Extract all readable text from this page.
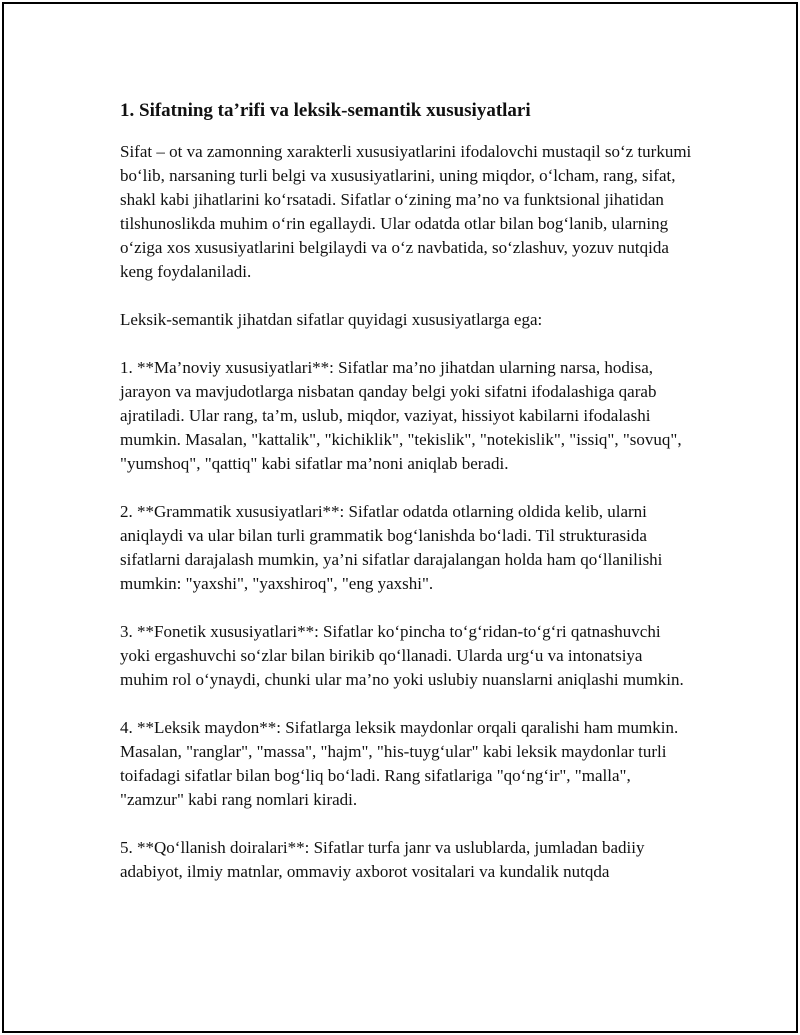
1. Sifatning ta’rifi va leksik-semantik xususiyatlari

Sifat – ot va zamonning xarakterli xususiyatlarini ifodalovchi mustaqil so‘z turkumi bo‘lib, narsaning turli belgi va xususiyatlarini, uning miqdor, o‘lcham, rang, sifat, shakl kabi jihatlarini ko‘rsatadi. Sifatlar o‘zining ma’no va funktsional jihatidan tilshunoslikda muhim o‘rin egallaydi. Ular odatda otlar bilan bog‘lanib, ularning o‘ziga xos xususiyatlarini belgilaydi va o‘z navbatida, so‘zlashuv, yozuv nutqida keng foydalaniladi.

Leksik-semantik jihatdan sifatlar quyidagi xususiyatlarga ega:

1. **Ma’noviy xususiyatlari**: Sifatlar ma’no jihatdan ularning narsa, hodisa, jarayon va mavjudotlarga nisbatan qanday belgi yoki sifatni ifodalashiga qarab ajratiladi. Ular rang, ta’m, uslub, miqdor, vaziyat, hissiyot kabilarni ifodalashi mumkin. Masalan, "kattalik", "kichiklik", "tekislik", "notekislik", "issiq", "sovuq", "yumshoq", "qattiq" kabi sifatlar ma’noni aniqlab beradi.

2. **Grammatik xususiyatlari**: Sifatlar odatda otlarning oldida kelib, ularni aniqlaydi va ular bilan turli grammatik bog‘lanishda bo‘ladi. Til strukturasida sifatlarni darajalash mumkin, ya’ni sifatlar darajalangan holda ham qo‘llanilishi mumkin: "yaxshi", "yaxshiroq", "eng yaxshi".

3. **Fonetik xususiyatlari**: Sifatlar ko‘pincha to‘g‘ridan-to‘g‘ri qatnashuvchi yoki ergashuvchi so‘zlar bilan birikib qo‘llanadi. Ularda urg‘u va intonatsiya muhim rol o‘ynaydi, chunki ular ma’no yoki uslubiy nuanslarni aniqlashi mumkin.

4. **Leksik maydon**: Sifatlarga leksik maydonlar orqali qaralishi ham mumkin. Masalan, "ranglar", "massa", "hajm", "his-tuyg‘ular" kabi leksik maydonlar turli toifadagi sifatlar bilan bog‘liq bo‘ladi. Rang sifatlariga "qo‘ng‘ir", "malla", "zamzur" kabi rang nomlari kiradi.

5. **Qo‘llanish doiralari**: Sifatlar turfa janr va uslublarda, jumladan badiiy adabiyot, ilmiy matnlar, ommaviy axborot vositalari va kundalik nutqda
